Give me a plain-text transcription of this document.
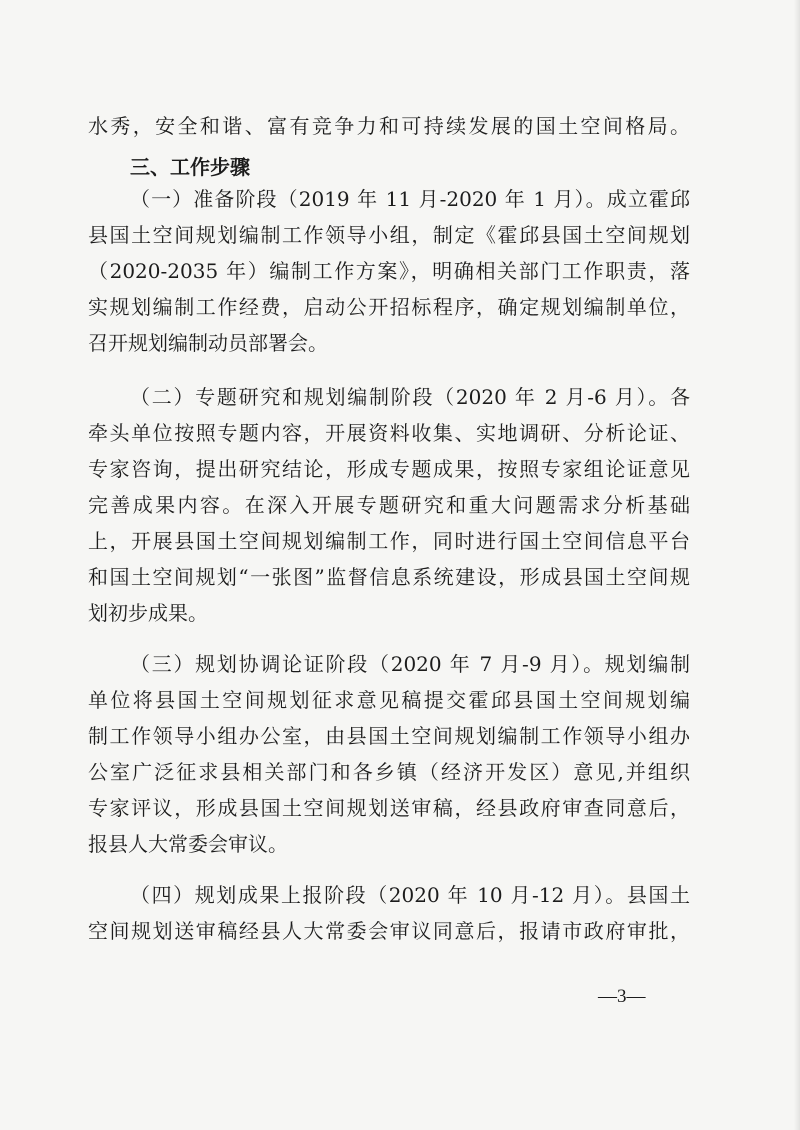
水秀，安全和谐、富有竞争力和可持续发展的国土空间格局。
三、工作步骤
（一）准备阶段（2019 年 11 月-2020 年 1 月）。成立霍邱
县国土空间规划编制工作领导小组，制定《霍邱县国土空间规划
（2020-2035 年）编制工作方案》，明确相关部门工作职责，落
实规划编制工作经费，启动公开招标程序，确定规划编制单位，
召开规划编制动员部署会。
（二）专题研究和规划编制阶段（2020 年 2 月-6 月）。各
牵头单位按照专题内容，开展资料收集、实地调研、分析论证、
专家咨询，提出研究结论，形成专题成果，按照专家组论证意见
完善成果内容。在深入开展专题研究和重大问题需求分析基础
上，开展县国土空间规划编制工作，同时进行国土空间信息平台
和国土空间规划“一张图”监督信息系统建设，形成县国土空间规
划初步成果。
（三）规划协调论证阶段（2020 年 7 月-9 月）。规划编制
单位将县国土空间规划征求意见稿提交霍邱县国土空间规划编
制工作领导小组办公室，由县国土空间规划编制工作领导小组办
公室广泛征求县相关部门和各乡镇（经济开发区）意见,并组织
专家评议，形成县国土空间规划送审稿，经县政府审查同意后，
报县人大常委会审议。
（四）规划成果上报阶段（2020 年 10 月-12 月）。县国土
空间规划送审稿经县人大常委会审议同意后，报请市政府审批，
—3—
